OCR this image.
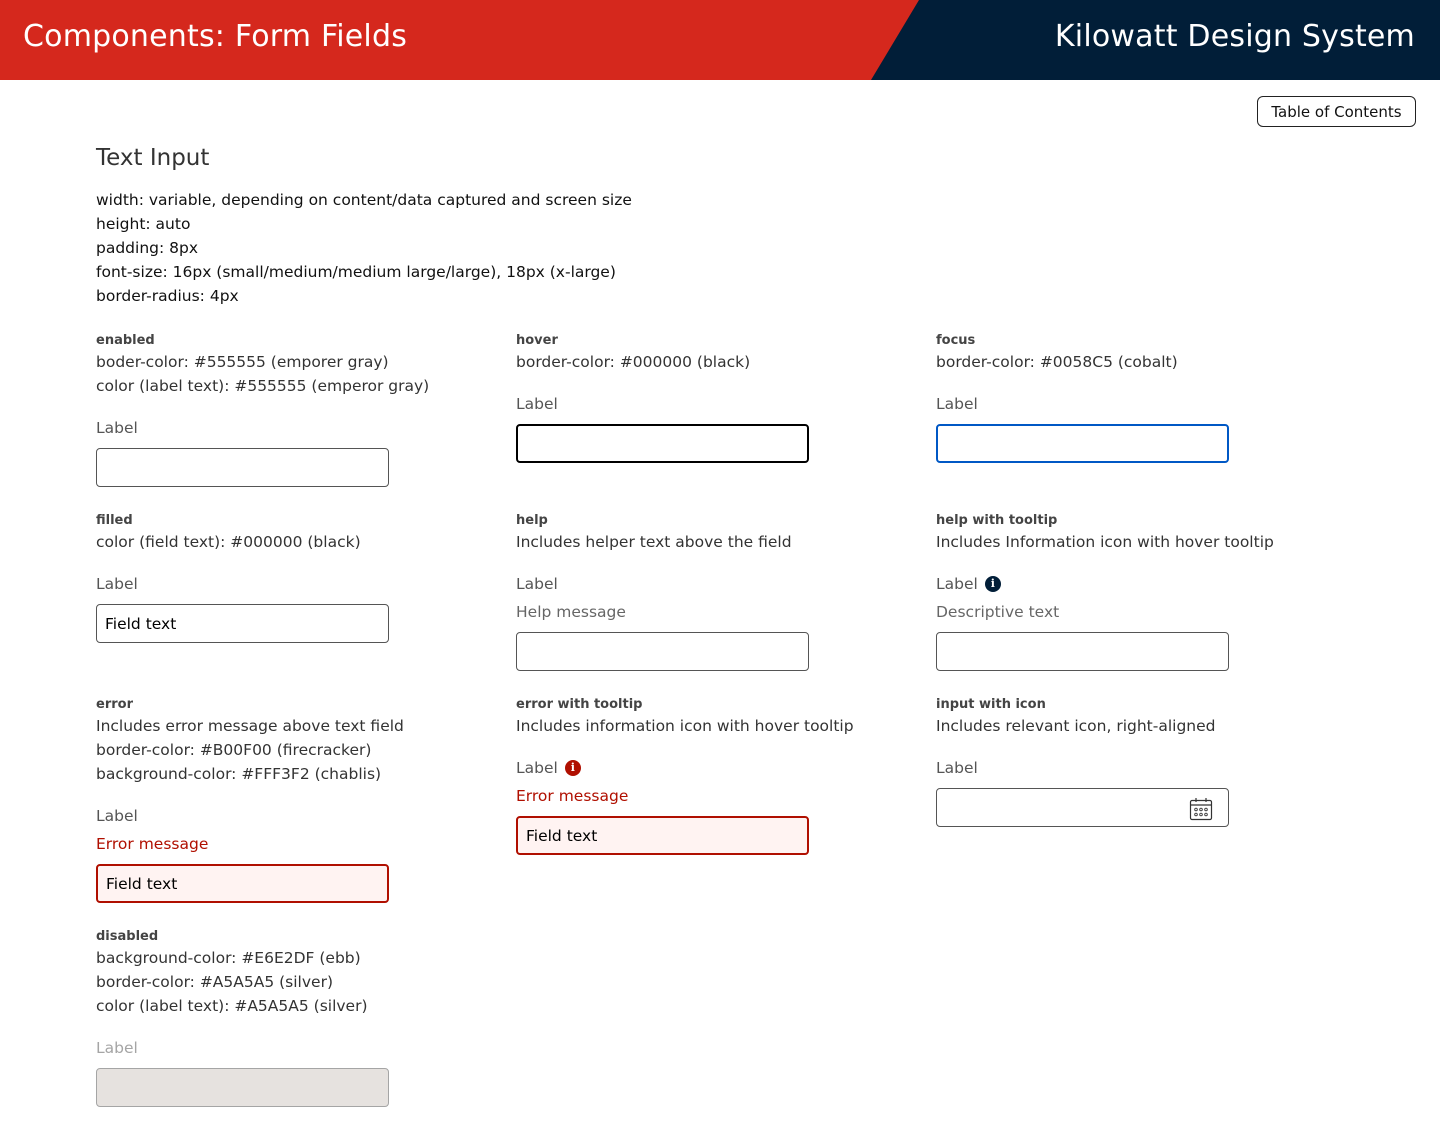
Components: Form Fields	Kilowatt Design System
Table of Contents
Text Input
width: variable, depending on content/data captured and screen size
height: auto
padding: 8px
font-size: 16px (small/medium/medium large/large), 18px (x-large)
border-radius: 4px
enabled
boder-color: #555555 (emporer gray)
color (label text): #555555 (emperor gray)
Label
hover
border-color: #000000 (black)
Label
focus
border-color: #0058C5 (cobalt)
Label
filled
color (field text): #000000 (black)
Label
Field text
help
Includes helper text above the field
Label
Help message
help with tooltip
Includes Information icon with hover tooltip
Label	i
Descriptive text
error
Includes error message above text field
border-color: #B00F00 (firecracker)
background-color: #FFF3F2 (chablis)
Label
Error message
Field text
error with tooltip
Includes information icon with hover tooltip
Label	i
Error message
Field text
input with icon
Includes relevant icon, right-aligned
Label
disabled
background-color: #E6E2DF (ebb)
border-color: #A5A5A5 (silver)
color (label text): #A5A5A5 (silver)
Label
